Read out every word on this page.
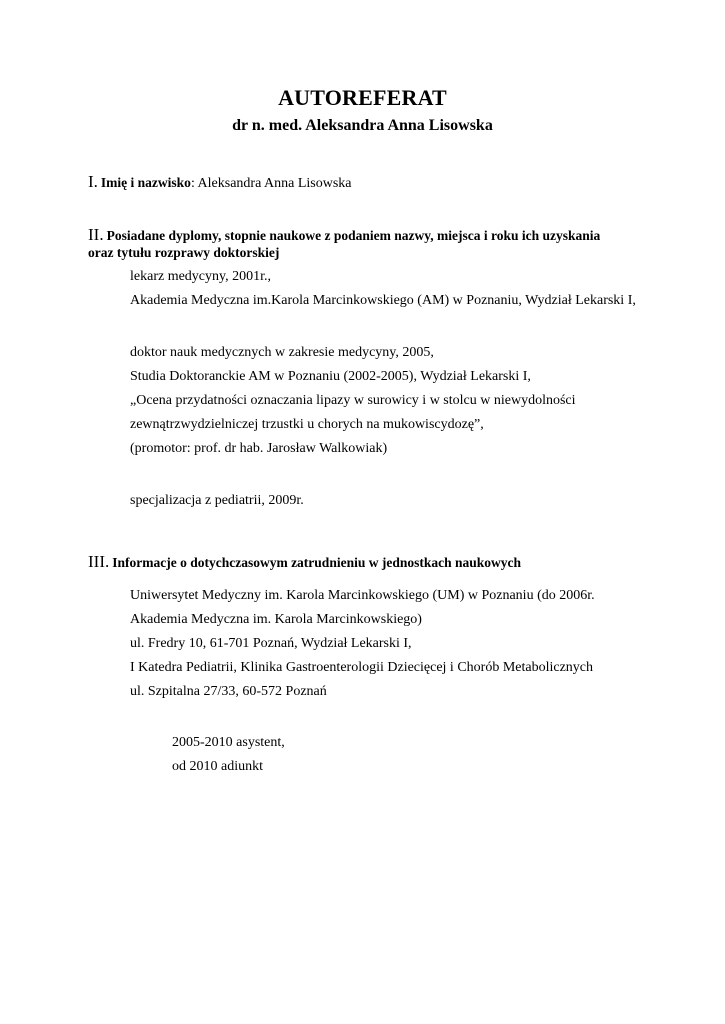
AUTOREFERAT
dr n. med. Aleksandra Anna Lisowska
I. Imię i nazwisko: Aleksandra Anna Lisowska
II. Posiadane dyplomy, stopnie naukowe z podaniem nazwy, miejsca i roku ich uzyskania
oraz tytułu rozprawy doktorskiej
lekarz medycyny, 2001r.,
Akademia Medyczna im.Karola Marcinkowskiego (AM) w Poznaniu, Wydział Lekarski I,
doktor nauk medycznych w zakresie medycyny, 2005,
Studia Doktoranckie AM w Poznaniu (2002-2005), Wydział Lekarski I,
„Ocena przydatności oznaczania lipazy w surowicy i w stolcu w niewydolności
zewnątrzwydzielniczej trzustki u chorych na mukowiscydozę”,
(promotor: prof. dr hab. Jarosław Walkowiak)
specjalizacja z pediatrii, 2009r.
III. Informacje o dotychczasowym zatrudnieniu w jednostkach naukowych
Uniwersytet Medyczny im. Karola Marcinkowskiego (UM) w Poznaniu (do 2006r.
Akademia Medyczna im. Karola Marcinkowskiego)
ul. Fredry 10, 61-701 Poznań, Wydział Lekarski I,
I Katedra Pediatrii, Klinika Gastroenterologii Dziecięcej i Chorób Metabolicznych
ul. Szpitalna 27/33, 60-572 Poznań
2005-2010 asystent,
od 2010 adiunkt
